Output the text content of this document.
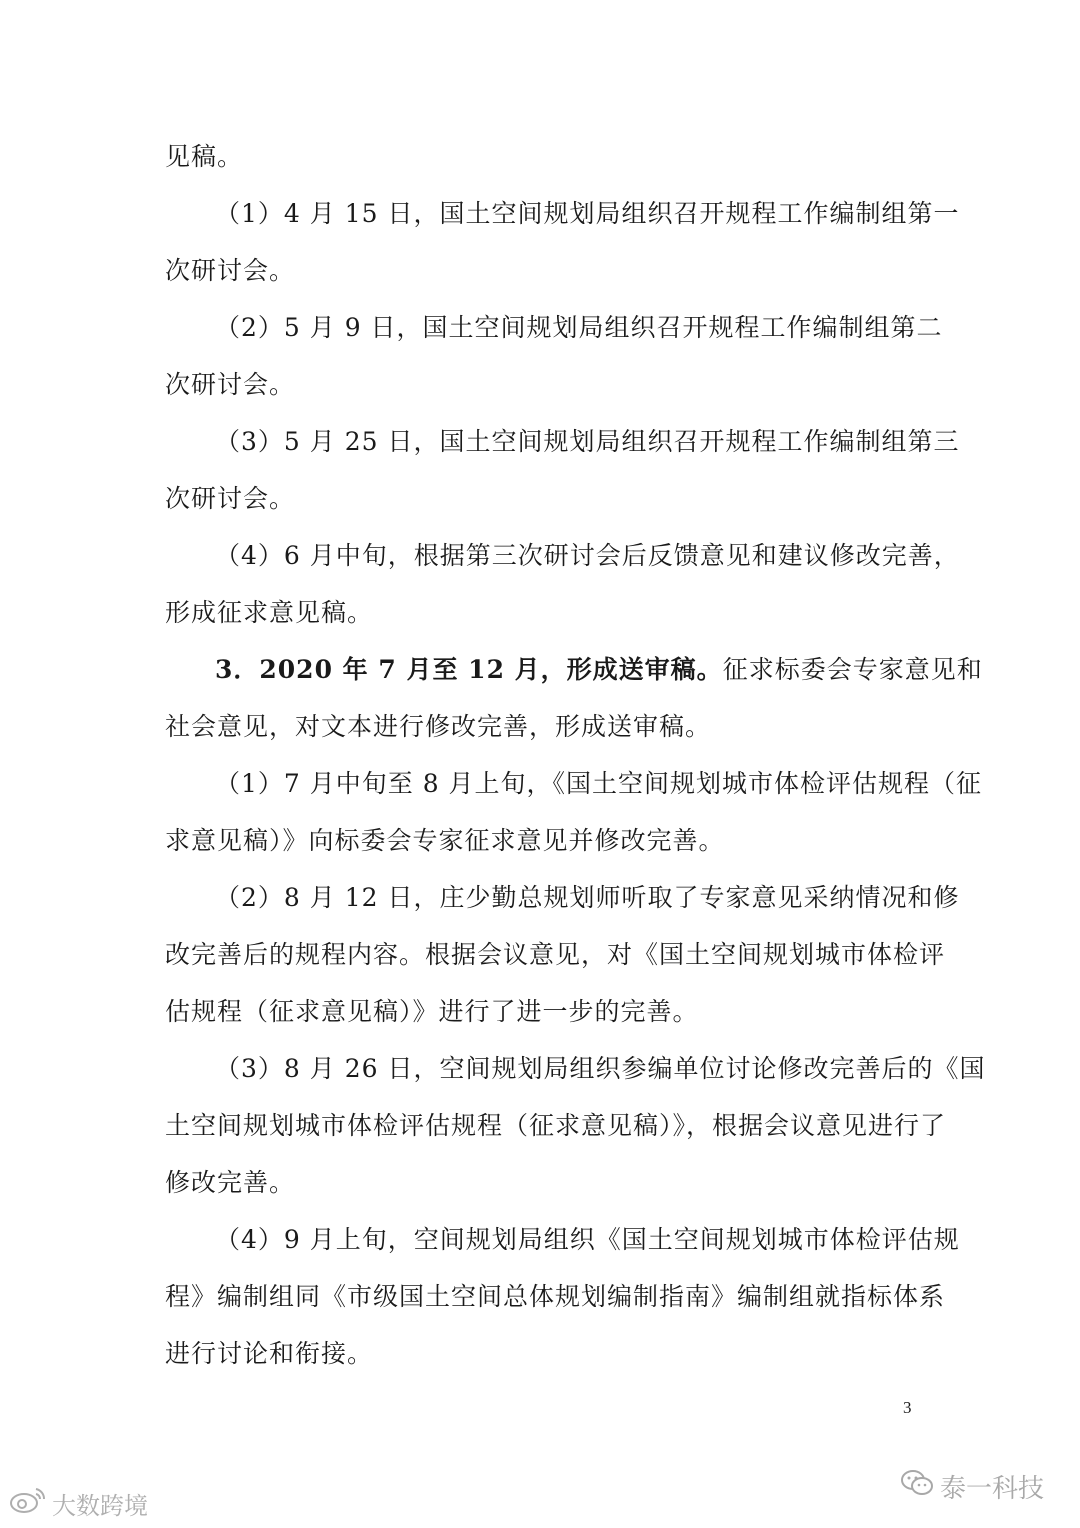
见稿。
（1）4 月 15 日，国土空间规划局组织召开规程工作编制组第一
次研讨会。
（2）5 月 9 日，国土空间规划局组织召开规程工作编制组第二
次研讨会。
（3）5 月 25 日，国土空间规划局组织召开规程工作编制组第三
次研讨会。
（4）6 月中旬，根据第三次研讨会后反馈意见和建议修改完善，
形成征求意见稿。
3．2020 年 7 月至 12 月，形成送审稿。征求标委会专家意见和
社会意见，对文本进行修改完善，形成送审稿。
（1）7 月中旬至 8 月上旬，《国土空间规划城市体检评估规程（征
求意见稿）》向标委会专家征求意见并修改完善。
（2）8 月 12 日，庄少勤总规划师听取了专家意见采纳情况和修
改完善后的规程内容。根据会议意见，对《国土空间规划城市体检评
估规程（征求意见稿）》进行了进一步的完善。
（3）8 月 26 日，空间规划局组织参编单位讨论修改完善后的《国
土空间规划城市体检评估规程（征求意见稿）》，根据会议意见进行了
修改完善。
（4）9 月上旬，空间规划局组织《国土空间规划城市体检评估规
程》编制组同《市级国土空间总体规划编制指南》编制组就指标体系
进行讨论和衔接。
3
泰一科技
大数跨境
